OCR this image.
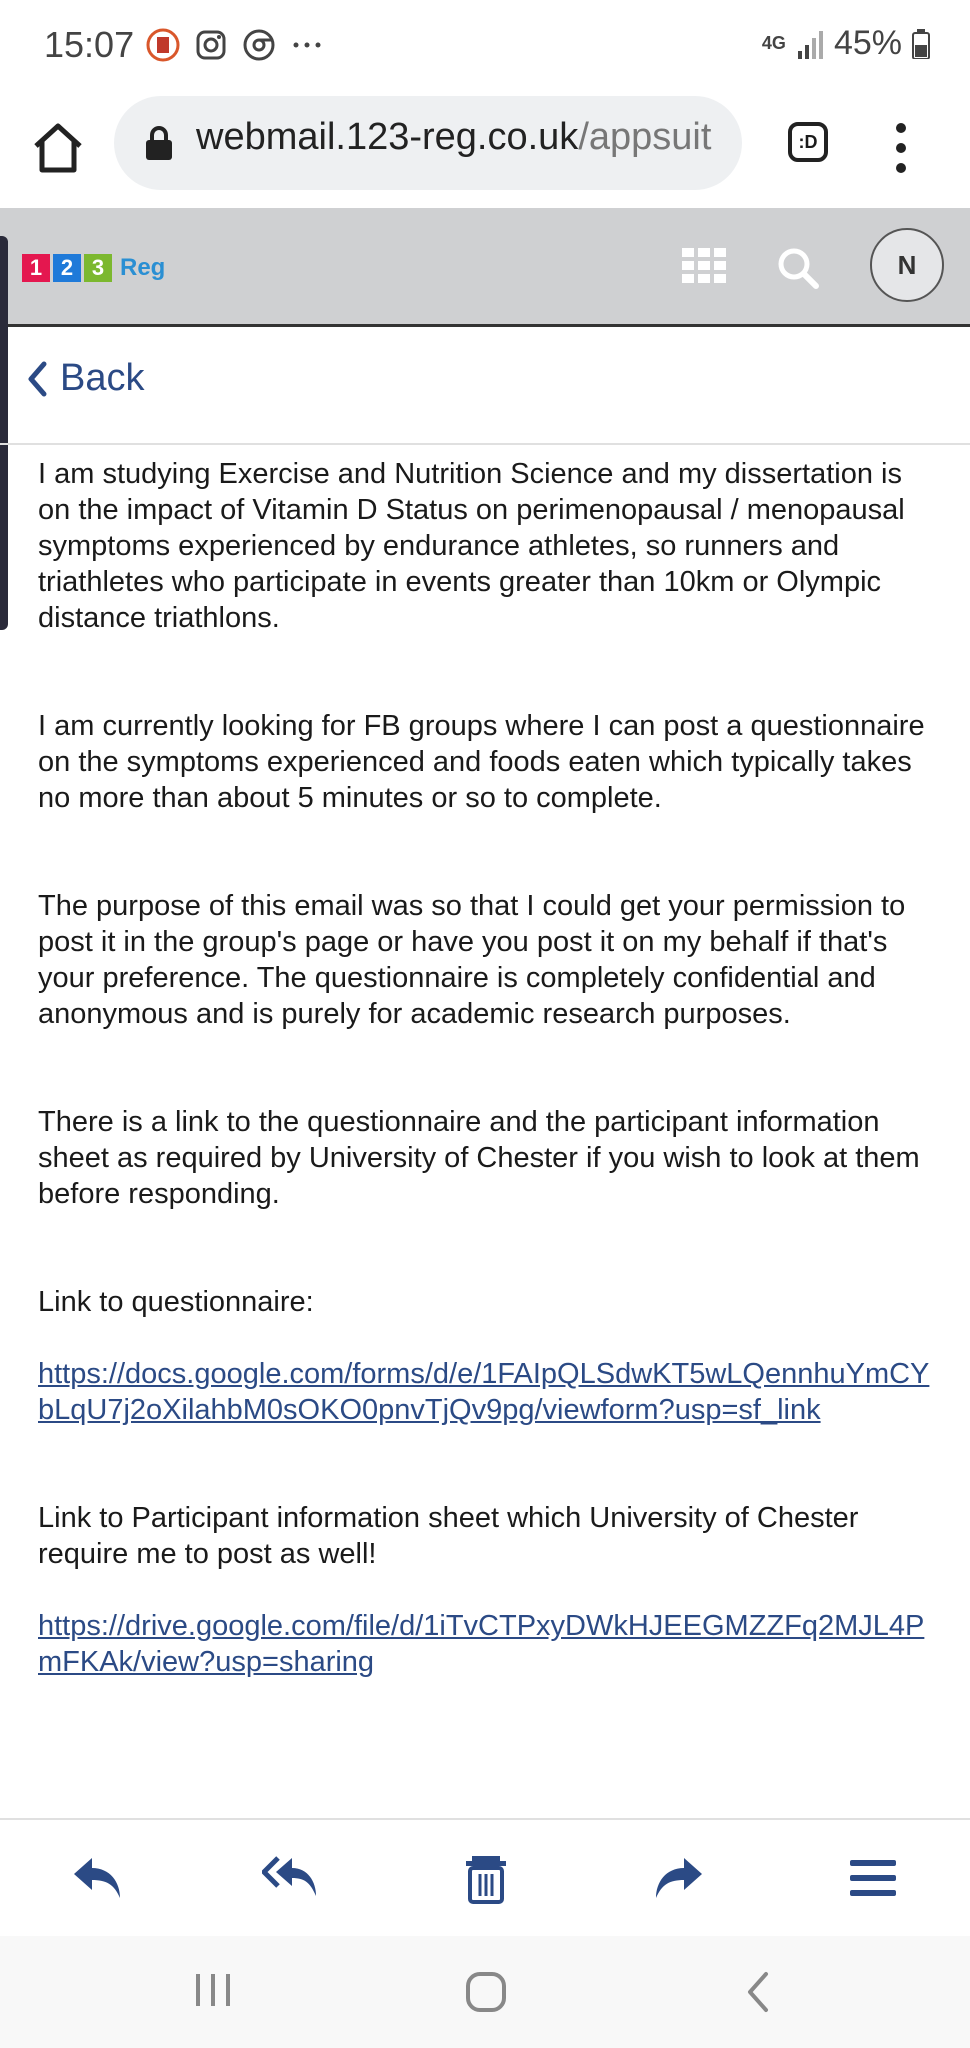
15:07	4G 45%
webmail.123-reg.co.uk/appsuit	:D
1 2 3 Reg	N
Back

I am studying Exercise and Nutrition Science and my dissertation is on the impact of Vitamin D Status on perimenopausal / menopausal symptoms experienced by endurance athletes, so runners and triathletes who participate in events greater than 10km or Olympic distance triathlons.

I am currently looking for FB groups where I can post a questionnaire on the symptoms experienced and foods eaten which typically takes no more than about 5 minutes or so to complete.

The purpose of this email was so that I could get your permission to post it in the group's page or have you post it on my behalf if that's your preference. The questionnaire is completely confidential and anonymous and is purely for academic research purposes.

There is a link to the questionnaire and the participant information sheet as required by University of Chester if you wish to look at them before responding.

Link to questionnaire:

https://docs.google.com/forms/d/e/1FAIpQLSdwKT5wLQennhuYmCYbLqU7j2oXilahbM0sOKO0pnvTjQv9pg/viewform?usp=sf_link

Link to Participant information sheet which University of Chester require me to post as well!

https://drive.google.com/file/d/1iTvCTPxyDWkHJEEGMZZFq2MJL4PmFKAk/view?usp=sharing
